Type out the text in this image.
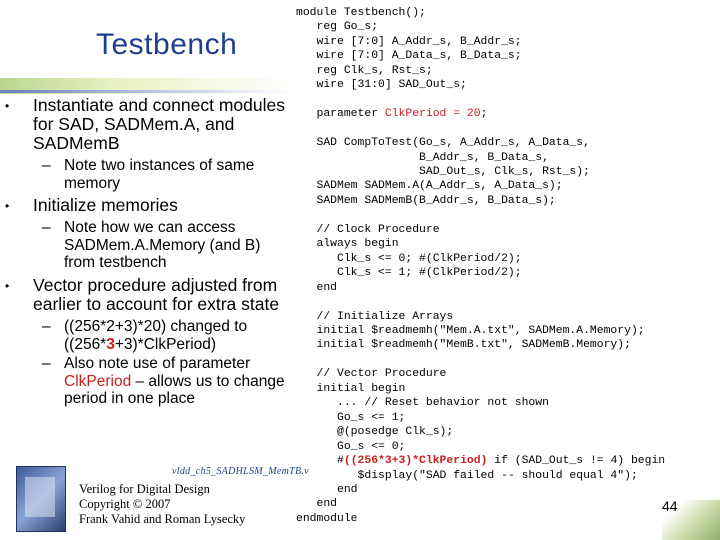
Testbench
• Instantiate and connect modules for SAD, SADMem.A, and SADMemB
– Note two instances of same memory
• Initialize memories
– Note how we can access SADMem.A.Memory (and B) from testbench
• Vector procedure adjusted from earlier to account for extra state
– ((256*2+3)*20) changed to ((256*3+3)*ClkPeriod)
– Also note use of parameter ClkPeriod – allows us to change period in one place
module Testbench();
reg Go_s;
wire [7:0] A_Addr_s, B_Addr_s;
wire [7:0] A_Data_s, B_Data_s;
reg Clk_s, Rst_s;
wire [31:0] SAD_Out_s;

parameter ClkPeriod = 20;

SAD CompToTest(Go_s, A_Addr_s, A_Data_s,
B_Addr_s, B_Data_s,
SAD_Out_s, Clk_s, Rst_s);
SADMem SADMem.A(A_Addr_s, A_Data_s);
SADMem SADMemB(B_Addr_s, B_Data_s);

// Clock Procedure
always begin
Clk_s <= 0; #(ClkPeriod/2);
Clk_s <= 1; #(ClkPeriod/2);
end

// Initialize Arrays
initial $readmemh("Mem.A.txt", SADMem.A.Memory);
initial $readmemh("MemB.txt", SADMemB.Memory);

// Vector Procedure
initial begin
... // Reset behavior not shown
Go_s <= 1;
@(posedge Clk_s);
Go_s <= 0;
#((256*3+3)*ClkPeriod) if (SAD_Out_s != 4) begin
$display("SAD failed -- should equal 4");
end
end
endmodule
vldd_ch5_SADHLSM_MemTB.v
Verilog for Digital Design
Copyright © 2007
Frank Vahid and Roman Lysecky
44
